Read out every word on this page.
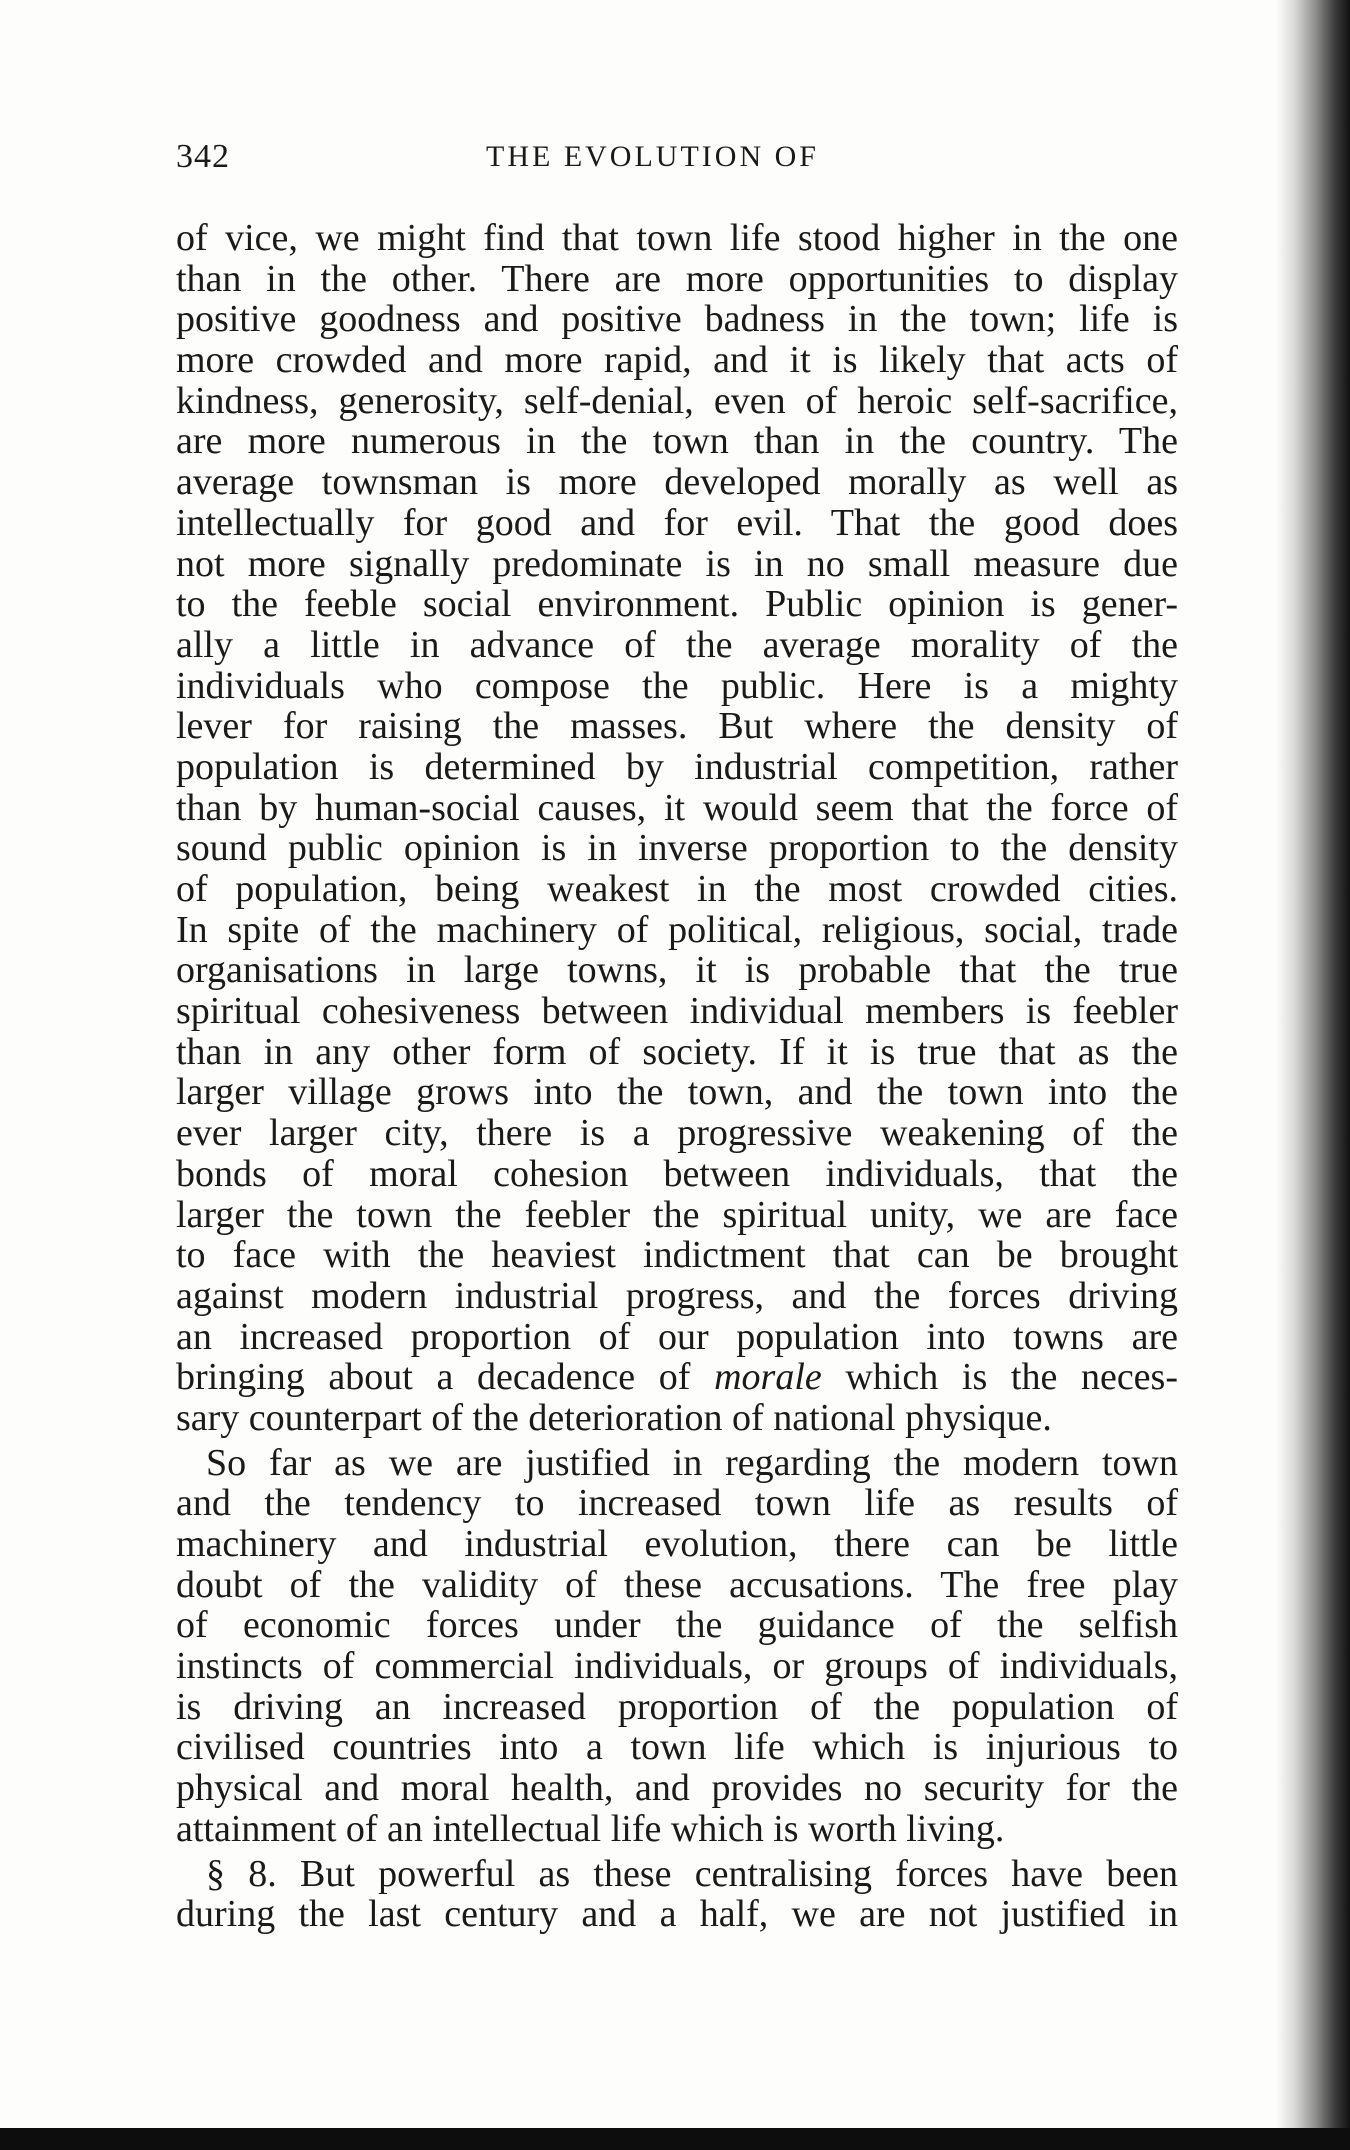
342	THE EVOLUTION OF
of vice, we might find that town life stood higher in the one
than in the other. There are more opportunities to display
positive goodness and positive badness in the town; life is
more crowded and more rapid, and it is likely that acts of
kindness, generosity, self-denial, even of heroic self-sacrifice,
are more numerous in the town than in the country. The
average townsman is more developed morally as well as
intellectually for good and for evil. That the good does
not more signally predominate is in no small measure due
to the feeble social environment. Public opinion is gener-
ally a little in advance of the average morality of the
individuals who compose the public. Here is a mighty
lever for raising the masses. But where the density of
population is determined by industrial competition, rather
than by human-social causes, it would seem that the force of
sound public opinion is in inverse proportion to the density
of population, being weakest in the most crowded cities.
In spite of the machinery of political, religious, social, trade
organisations in large towns, it is probable that the true
spiritual cohesiveness between individual members is feebler
than in any other form of society. If it is true that as the
larger village grows into the town, and the town into the
ever larger city, there is a progressive weakening of the
bonds of moral cohesion between individuals, that the
larger the town the feebler the spiritual unity, we are face
to face with the heaviest indictment that can be brought
against modern industrial progress, and the forces driving
an increased proportion of our population into towns are
bringing about a decadence of morale which is the neces-
sary counterpart of the deterioration of national physique.
So far as we are justified in regarding the modern town
and the tendency to increased town life as results of
machinery and industrial evolution, there can be little
doubt of the validity of these accusations. The free play
of economic forces under the guidance of the selfish
instincts of commercial individuals, or groups of individuals,
is driving an increased proportion of the population of
civilised countries into a town life which is injurious to
physical and moral health, and provides no security for the
attainment of an intellectual life which is worth living.
§ 8. But powerful as these centralising forces have been
during the last century and a half, we are not justified in
